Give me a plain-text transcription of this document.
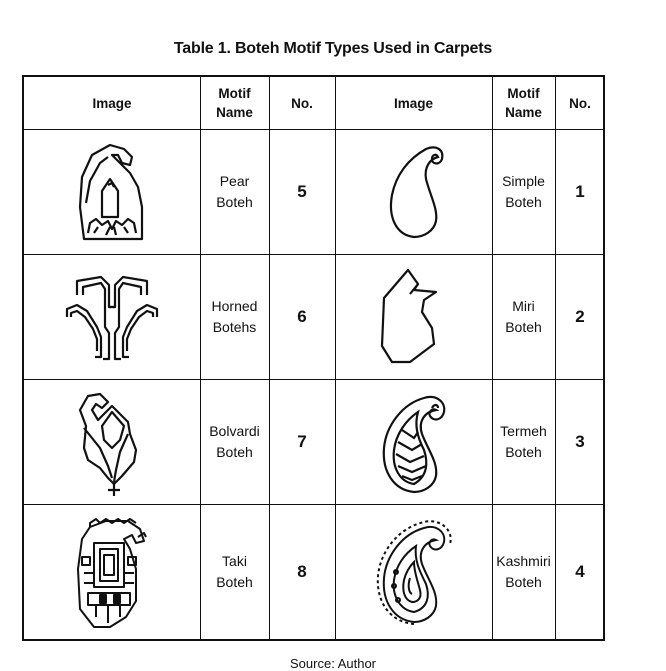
Table 1. Boteh Motif Types Used in Carpets
Image
Motif Name
No.	Image
Motif Name
No.
Pear Boteh
5
Simple Boteh
1
Horned Botehs
6
Miri Boteh
2
Bolvardi Boteh
7
Termeh Boteh
3
Taki Boteh
8
Kashmiri Boteh
4
Source: Author
